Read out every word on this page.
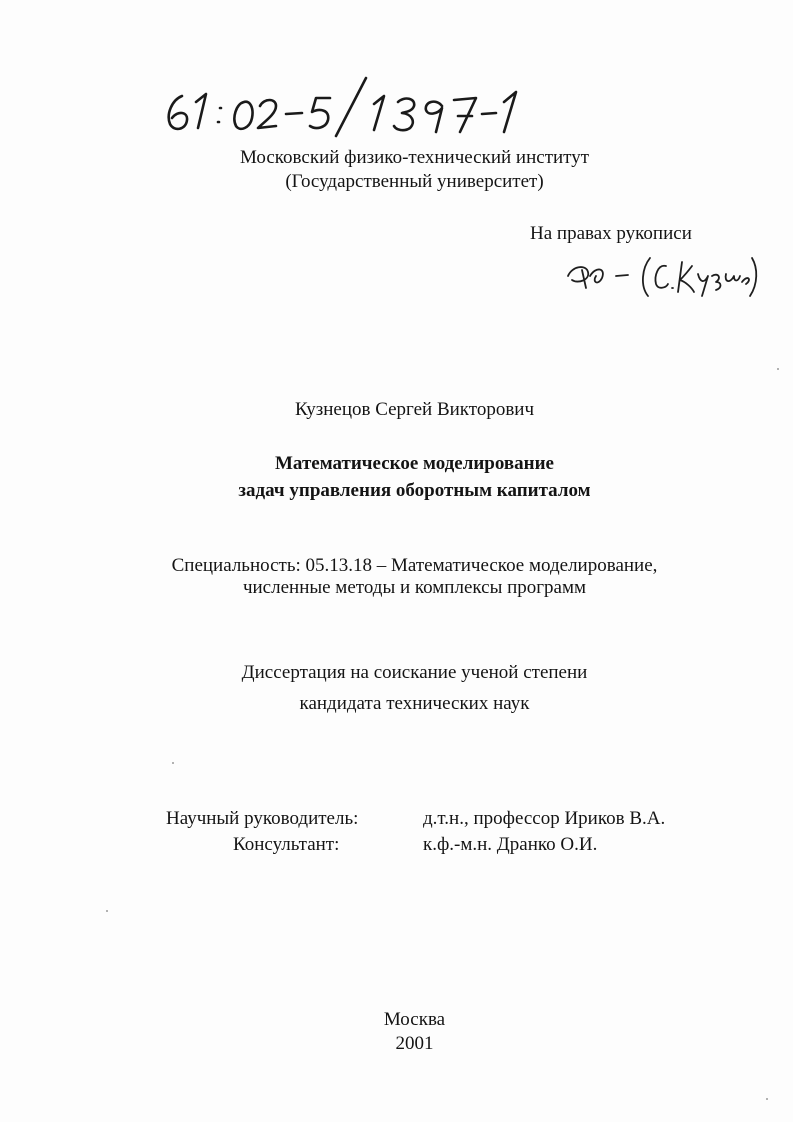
Московский физико-технический институт
(Государственный университет)
На правах рукописи
Кузнецов Сергей Викторович
Математическое моделирование
задач управления оборотным капиталом
Специальность: 05.13.18 – Математическое моделирование,
численные методы и комплексы программ
Диссертация на соискание ученой степени
кандидата технических наук
Научный руководитель:	д.т.н., профессор Ириков В.А.
Консультант:	к.ф.-м.н. Дранко О.И.
Москва
2001
